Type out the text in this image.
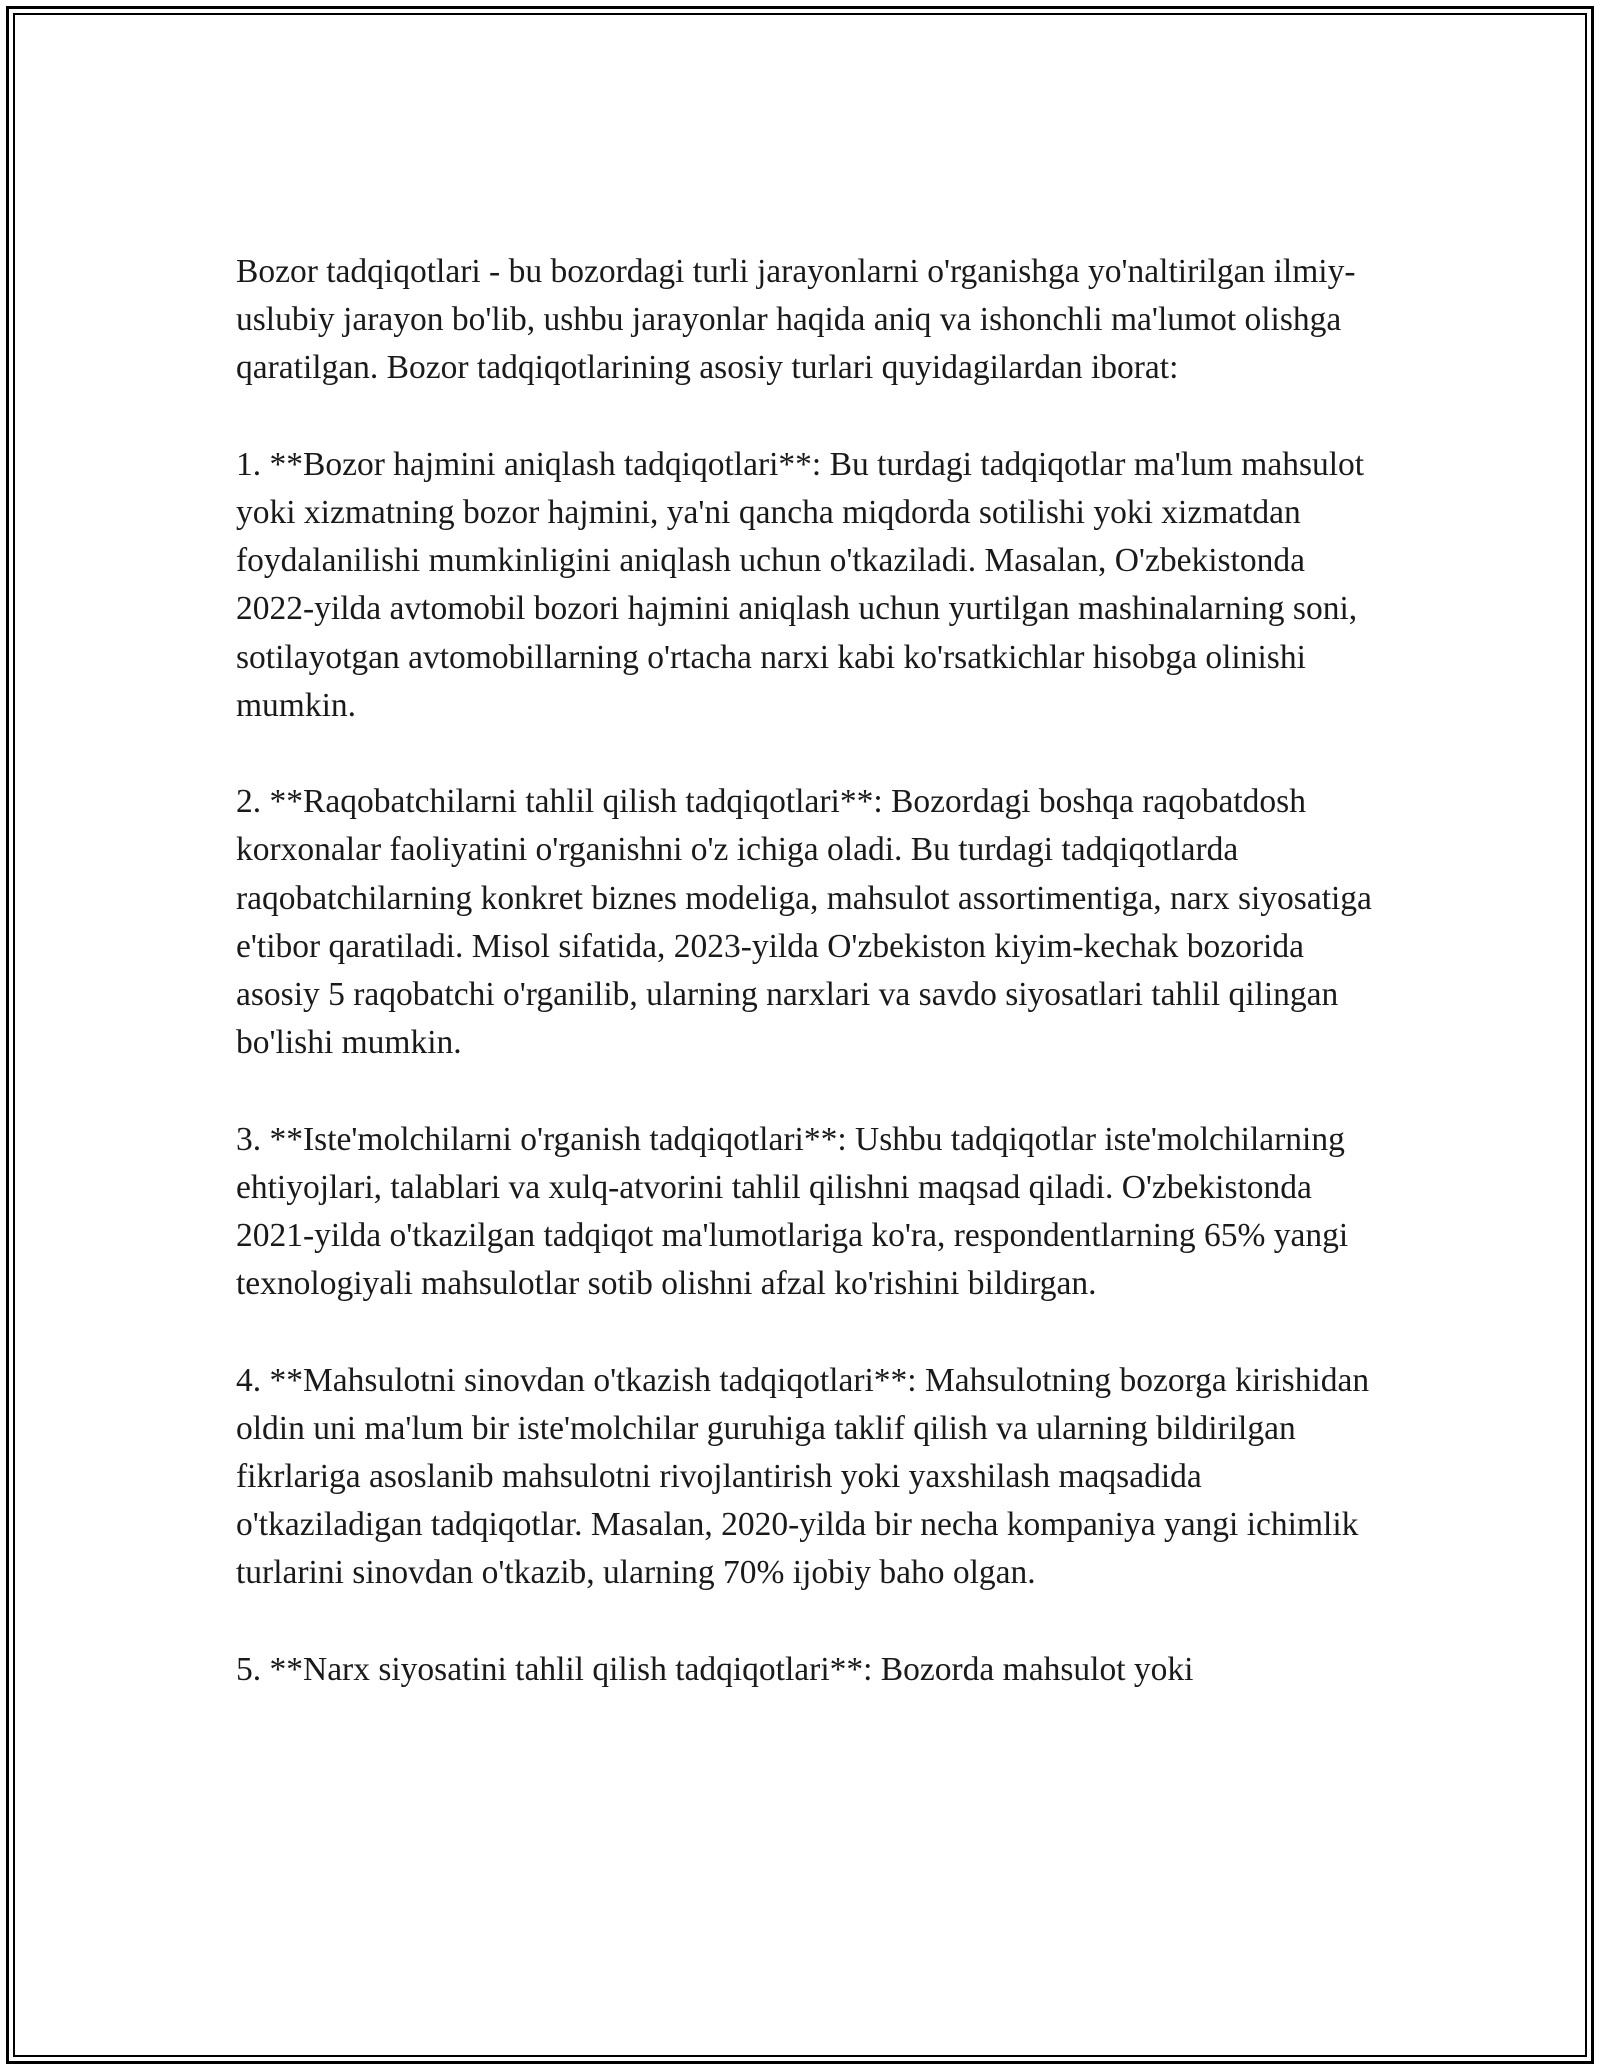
Bozor tadqiqotlari - bu bozordagi turli jarayonlarni o'rganishga yo'naltirilgan ilmiy-uslubiy jarayon bo'lib, ushbu jarayonlar haqida aniq va ishonchli ma'lumot olishga qaratilgan. Bozor tadqiqotlarining asosiy turlari quyidagilardan iborat:

1. **Bozor hajmini aniqlash tadqiqotlari**: Bu turdagi tadqiqotlar ma'lum mahsulot yoki xizmatning bozor hajmini, ya'ni qancha miqdorda sotilishi yoki xizmatdan foydalanilishi mumkinligini aniqlash uchun o'tkaziladi. Masalan, O'zbekistonda 2022-yilda avtomobil bozori hajmini aniqlash uchun yurtilgan mashinalarning soni, sotilayotgan avtomobillarning o'rtacha narxi kabi ko'rsatkichlar hisobga olinishi mumkin.

2. **Raqobatchilarni tahlil qilish tadqiqotlari**: Bozordagi boshqa raqobatdosh korxonalar faoliyatini o'rganishni o'z ichiga oladi. Bu turdagi tadqiqotlarda raqobatchilarning konkret biznes modeliga, mahsulot assortimentiga, narx siyosatiga e'tibor qaratiladi. Misol sifatida, 2023-yilda O'zbekiston kiyim-kechak bozorida asosiy 5 raqobatchi o'rganilib, ularning narxlari va savdo siyosatlari tahlil qilingan bo'lishi mumkin.

3. **Iste'molchilarni o'rganish tadqiqotlari**: Ushbu tadqiqotlar iste'molchilarning ehtiyojlari, talablari va xulq-atvorini tahlil qilishni maqsad qiladi. O'zbekistonda 2021-yilda o'tkazilgan tadqiqot ma'lumotlariga ko'ra, respondentlarning 65% yangi texnologiyali mahsulotlar sotib olishni afzal ko'rishini bildirgan.

4. **Mahsulotni sinovdan o'tkazish tadqiqotlari**: Mahsulotning bozorga kirishidan oldin uni ma'lum bir iste'molchilar guruhiga taklif qilish va ularning bildirilgan fikrlariga asoslanib mahsulotni rivojlantirish yoki yaxshilash maqsadida o'tkaziladigan tadqiqotlar. Masalan, 2020-yilda bir necha kompaniya yangi ichimlik turlarini sinovdan o'tkazib, ularning 70% ijobiy baho olgan.

5. **Narx siyosatini tahlil qilish tadqiqotlari**: Bozorda mahsulot yoki
